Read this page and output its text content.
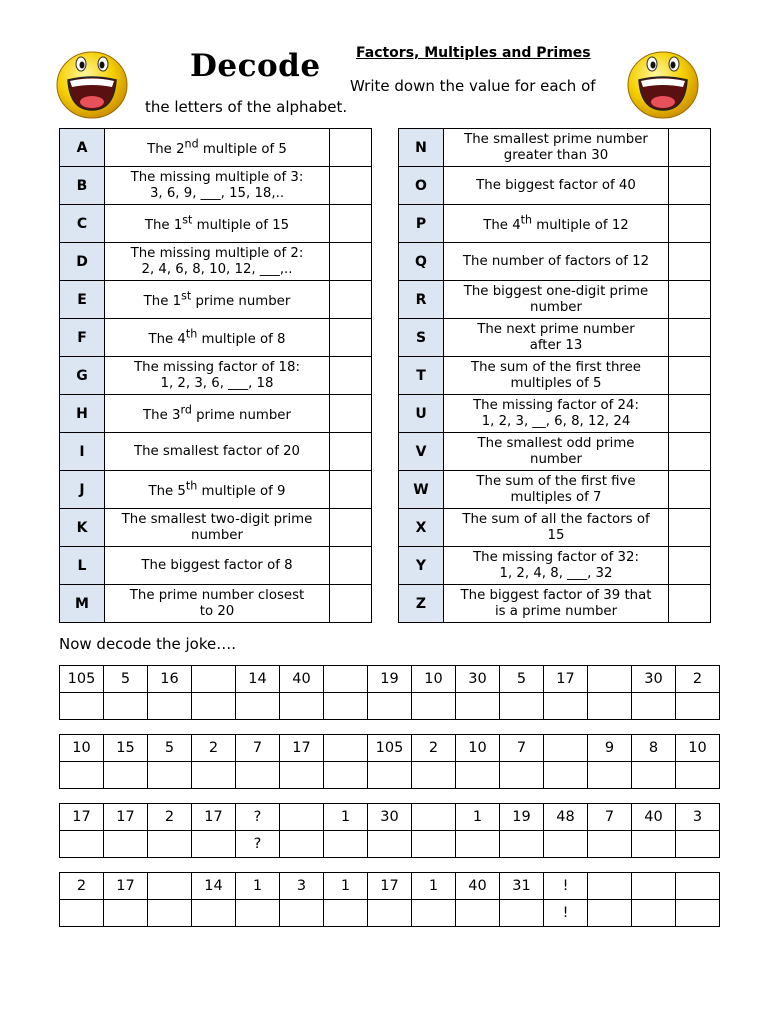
Decode	Factors, Multiples and Primes
Write down the value for each of
the letters of the alphabet.
A	The 2nd multiple of 5	
B	The missing multiple of 3:
3, 6, 9, ___, 15, 18,..	
C	The 1st multiple of 15	
D	The missing multiple of 2:
2, 4, 6, 8, 10, 12, ___,..	
E	The 1st prime number	
F	The 4th multiple of 8	
G	The missing factor of 18:
1, 2, 3, 6, ___, 18	
H	The 3rd prime number	
I	The smallest factor of 20	
J	The 5th multiple of 9	
K	The smallest two-digit prime
number	
L	The biggest factor of 8	
M	The prime number closest
to 20	
N	The smallest prime number
greater than 30	
O	The biggest factor of 40	
P	The 4th multiple of 12	
Q	The number of factors of 12	
R	The biggest one-digit prime
number	
S	The next prime number
after 13	
T	The sum of the first three
multiples of 5	
U	The missing factor of 24:
1, 2, 3, __, 6, 8, 12, 24	
V	The smallest odd prime
number	
W	The sum of the first five
multiples of 7	
X	The sum of all the factors of
15	
Y	The missing factor of 32:
1, 2, 4, 8, ___, 32	
Z	The biggest factor of 39 that
is a prime number	
Now decode the joke….
105	5	16		14	40		19	10	30	5	17		30	2

10	15	5	2	7	17		105	2	10	7		9	8	10

17	17	2	17	?		1	30		1	19	48	7	40	3
				?										
2	17		14	1	3	1	17	1	40	31	!			
											!			
